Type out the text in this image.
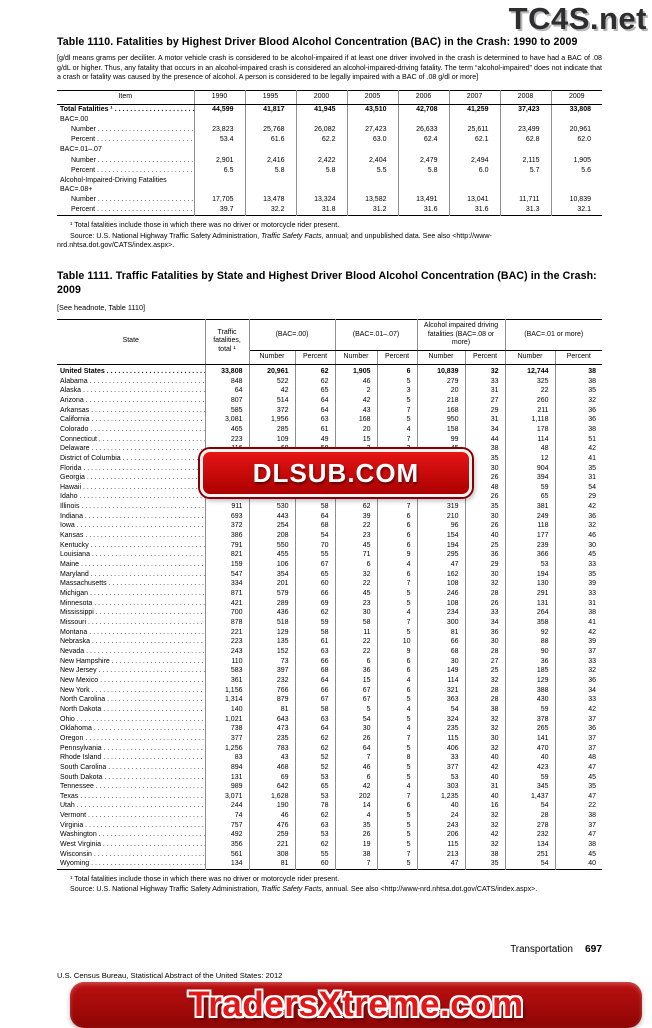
TC4S.net
Table 1110. Fatalities by Highest Driver Blood Alcohol Concentration (BAC) in the Crash: 1990 to 2009

[g/dl means grams per deciliter. A motor vehicle crash is considered to be alcohol-impaired if at least one driver involved in the crash is determined to have had a BAC of .08 g/dL or higher. Thus, any fatality that occurs in an alcohol-impaired crash is considered an alcohol-impaired-driving fatality. The term “alcohol-impaired” does not indicate that a crash or fatality was caused by the presence of alcohol. A person is considered to be legally impaired with a BAC of .08 g/dl or more]

Item	1990	1995	2000	2005	2006	2007	2008	2009
Total Fatalities ¹ . . .	44,599	41,817	41,945	43,510	42,708	41,259	37,423	33,808
BAC=.00								
Number . . .	23,823	25,768	26,082	27,423	26,633	25,611	23,499	20,961
Percent . . .	53.4	61.6	62.2	63.0	62.4	62.1	62.8	62.0
BAC=.01–.07								
Number . . .	2,901	2,416	2,422	2,404	2,479	2,494	2,115	1,905
Percent . . .	6.5	5.8	5.8	5.5	5.8	6.0	5.7	5.6
Alcohol-Impaired-Driving Fatalities BAC=.08+								
Number . . .	17,705	13,478	13,324	13,582	13,491	13,041	11,711	10,839
Percent . . .	39.7	32.2	31.8	31.2	31.6	31.6	31.3	32.1

¹ Total fatalities include those in which there was no driver or motorcycle rider present.

Source: U.S. National Highway Traffic Safety Administration, Traffic Safety Facts, annual; and unpublished data. See also <http://www-nrd.nhtsa.dot.gov/CATS/index.aspx>.

Table 1111. Traffic Fatalities by State and Highest Driver Blood Alcohol Concentration (BAC) in the Crash: 2009

[See headnote, Table 1110]

State	Traffic fatalities, total ¹	(BAC=.00)		(BAC=.01–.07)		Alcohol impaired driving fatalities (BAC=.08 or more)		(BAC=.01 or more)	
		Number	Percent	Number	Percent	Number	Percent	Number	Percent
United States . . .	33,808	20,961	62	1,905	6	10,839	32	12,744	38
Alabama . . .	848	522	62	46	5	279	33	325	38
Alaska . . .	64	42	65	2	3	20	31	22	35
Arizona . . .	807	514	64	42	5	218	27	260	32
Arkansas . . .	585	372	64	43	7	168	29	211	36
California . . .	3,081	1,956	63	168	5	950	31	1,118	36
Colorado . . .	465	285	61	20	4	158	34	178	38
Connecticut . . .	223	109	49	15	7	99	44	114	51
Delaware . . .							38	48	42
District of Columbia . . .							35	12	41
Florida . . .							30	904	35
Georgia . . .							26	394	31
Hawaii . . .							48	59	54
Idaho . . .							26	65	29
Illinois . . .	911	530	58	62	7	319	35	381	42
Indiana . . .	693	443	64	39	6	210	30	249	36
Iowa . . .	372	254	68	22	6	96	26	118	32
Kansas . . .	386	208	54	23	6	154	40	177	46
Kentucky . . .	791	550	70	45	6	194	25	239	30
Louisiana . . .	821	455	55	71	9	295	36	366	45
Maine . . .	159	106	67	6	4	47	29	53	33
Maryland . . .	547	354	65	32	6	162	30	194	35
Massachusetts . . .	334	201	60	22	7	108	32	130	39
Michigan . . .	871	579	66	45	5	246	28	291	33
Minnesota . . .	421	289	69	23	5	108	26	131	31
Mississippi . . .	700	436	62	30	4	234	33	264	38
Missouri . . .	878	518	59	58	7	300	34	358	41
Montana . . .	221	129	58	11	5	81	36	92	42
Nebraska . . .	223	135	61	22	10	66	30	88	39
Nevada . . .	243	152	63	22	9	68	28	90	37
New Hampshire . . .	110	73	66	6	6	30	27	36	33
New Jersey . . .	583	397	68	36	6	149	25	185	32
New Mexico . . .	361	232	64	15	4	114	32	129	36
New York . . .	1,156	766	66	67	6	321	28	388	34
North Carolina . . .	1,314	879	67	67	5	363	28	430	33
North Dakota . . .	140	81	58	5	4	54	38	59	42
Ohio . . .	1,021	643	63	54	5	324	32	378	37
Oklahoma . . .	738	473	64	30	4	235	32	265	36
Oregon . . .	377	235	62	26	7	115	30	141	37
Pennsylvania . . .	1,256	783	62	64	5	406	32	470	37
Rhode Island . . .	83	43	52	7	8	33	40	40	48
South Carolina . . .	894	468	52	46	5	377	42	423	47
South Dakota . . .	131	69	53	6	5	53	40	59	45
Tennessee . . .	989	642	65	42	4	303	31	345	35
Texas . . .	3,071	1,628	53	202	7	1,235	40	1,437	47
Utah . . .	244	190	78	14	6	40	16	54	22
Vermont . . .	74	46	62	4	5	24	32	28	38
Virginia . . .	757	476	63	35	5	243	32	278	37
Washington . . .	492	259	53	26	5	206	42	232	47
West Virginia . . .	356	221	62	19	5	115	32	134	38
Wisconsin . . .	561	308	55	38	7	213	38	251	45
Wyoming . . .	134	81	60	7	5	47	35	54	40

¹ Total fatalities include those in which there was no driver or motorcycle rider present.

Source: U.S. National Highway Traffic Safety Administration, Traffic Safety Facts, annual. See also <http://www-nrd.nhtsa.dot.gov/CATS/index.aspx>.

Transportation 697
U.S. Census Bureau, Statistical Abstract of the United States: 2012
DLSUB.COM
TradersXtreme.com
